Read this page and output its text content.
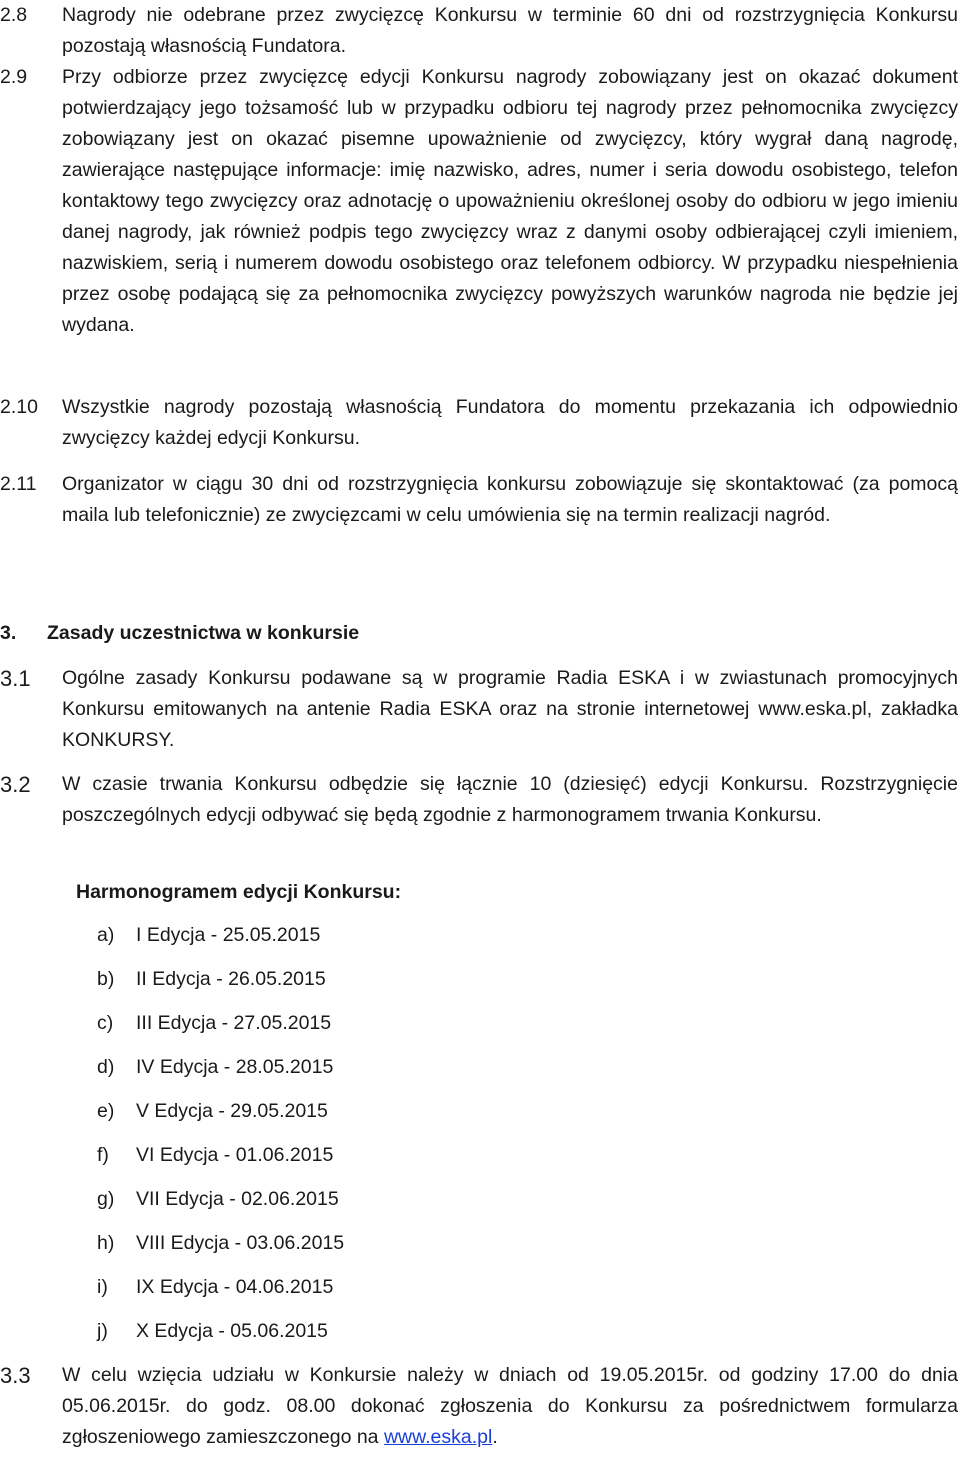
2.8	Nagrody nie odebrane przez zwycięzcę Konkursu w terminie 60 dni od rozstrzygnięcia Konkursu pozostają własnością Fundatora.
2.9	Przy odbiorze przez zwycięzcę edycji Konkursu nagrody zobowiązany jest on okazać dokument potwierdzający jego tożsamość lub w przypadku odbioru tej nagrody przez pełnomocnika zwycięzcy zobowiązany jest on okazać pisemne upoważnienie od zwycięzcy, który wygrał daną nagrodę, zawierające następujące informacje: imię nazwisko, adres, numer i seria dowodu osobistego, telefon kontaktowy tego zwycięzcy oraz adnotację o upoważnieniu określonej osoby do odbioru w jego imieniu danej nagrody, jak również podpis tego zwycięzcy wraz z danymi osoby odbierającej czyli imieniem, nazwiskiem, serią i numerem dowodu osobistego oraz telefonem odbiorcy. W przypadku niespełnienia przez osobę podającą się za pełnomocnika zwycięzcy powyższych warunków nagroda nie będzie jej wydana.
2.10	Wszystkie nagrody pozostają własnością Fundatora do momentu przekazania ich odpowiednio zwycięzcy każdej edycji Konkursu.
2.11	Organizator w ciągu 30 dni od rozstrzygnięcia konkursu zobowiązuje się skontaktować (za pomocą maila lub telefonicznie) ze zwycięzcami w celu umówienia się na termin realizacji nagród.
3.	Zasady uczestnictwa w konkursie
3.1	Ogólne zasady Konkursu podawane są w programie Radia ESKA i w zwiastunach promocyjnych Konkursu emitowanych na antenie Radia ESKA oraz na stronie internetowej www.eska.pl, zakładka KONKURSY.
3.2	W czasie trwania Konkursu odbędzie się łącznie 10 (dziesięć) edycji Konkursu. Rozstrzygnięcie poszczególnych edycji odbywać się będą zgodnie z harmonogramem trwania Konkursu.
Harmonogramem edycji Konkursu:
a)	I Edycja - 25.05.2015
b)	II Edycja - 26.05.2015
c)	III Edycja - 27.05.2015
d)	IV Edycja - 28.05.2015
e)	V Edycja - 29.05.2015
f)	VI Edycja - 01.06.2015
g)	VII Edycja - 02.06.2015
h)	VIII Edycja - 03.06.2015
i)	IX Edycja - 04.06.2015
j)	X Edycja - 05.06.2015
3.3	W celu wzięcia udziału w Konkursie należy w dniach od 19.05.2015r. od godziny 17.00 do dnia 05.06.2015r. do godz. 08.00 dokonać zgłoszenia do Konkursu za pośrednictwem formularza zgłoszeniowego zamieszczonego na www.eska.pl.
